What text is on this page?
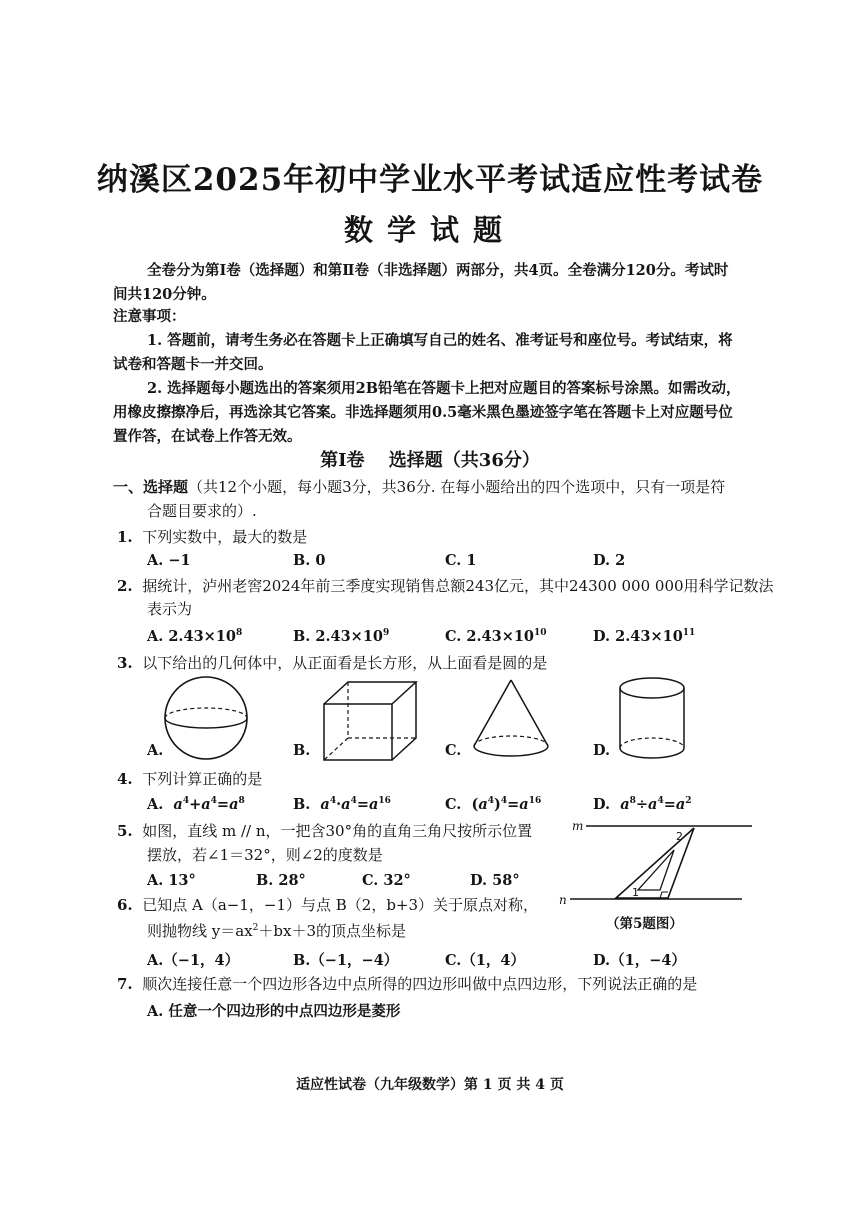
纳溪区2025年初中学业水平考试适应性考试卷
数学试题
全卷分为第Ⅰ卷（选择题）和第Ⅱ卷（非选择题）两部分，共4页。全卷满分120分。考试时
间共120分钟。
注意事项：
1. 答题前，请考生务必在答题卡上正确填写自己的姓名、准考证号和座位号。考试结束，将
试卷和答题卡一并交回。
2. 选择题每小题选出的答案须用2B铅笔在答题卡上把对应题目的答案标号涂黑。如需改动，
用橡皮擦擦净后，再选涂其它答案。非选择题须用0.5毫米黑色墨迹签字笔在答题卡上对应题号位
置作答，在试卷上作答无效。
第Ⅰ卷　 选择题（共36分）
一、选择题（共12个小题，每小题3分，共36分. 在每小题给出的四个选项中，只有一项是符
合题目要求的）.
1. 下列实数中，最大的数是
A. −1	B. 0	C. 1	D. 2
2. 据统计，泸州老窖2024年前三季度实现销售总额243亿元，其中24300 000 000用科学记数法
表示为
A. $2.43\times 10^8$	B. $2.43\times 10^9$	C. $2.43\times 10^{10}$	D. $2.43\times 10^{11}$
3. 以下给出的几何体中，从正面看是长方形，从上面看是圆的是
A.	B.	C.	D.
4. 下列计算正确的是
A. $a^4+a^4=a^8$	B. $a^4\cdot a^4=a^{16}$	C.  $(a^4)^4=a^{16}$	D. $a^8\div a^4=a^2$
5. 如图，直线 m // n，一把含30°角的直角三角尺按所示位置
摆放，若∠1＝32°，则∠2的度数是
A. 13°	B. 28°	C. 32°	D. 58°
m
n
2
1
（第5题图）
6. 已知点 A（a−1，−1）与点 B（2，b+3）关于原点对称，
则抛物线 $y=ax^2+bx+3$的顶点坐标是
A.（−1，4）	B.（−1，−4）	C.（1，4）	D.（1，−4）
7. 顺次连接任意一个四边形各边中点所得的四边形叫做中点四边形，下列说法正确的是
A. 任意一个四边形的中点四边形是菱形
适应性试卷（九年级数学）第 1 页 共 4 页
